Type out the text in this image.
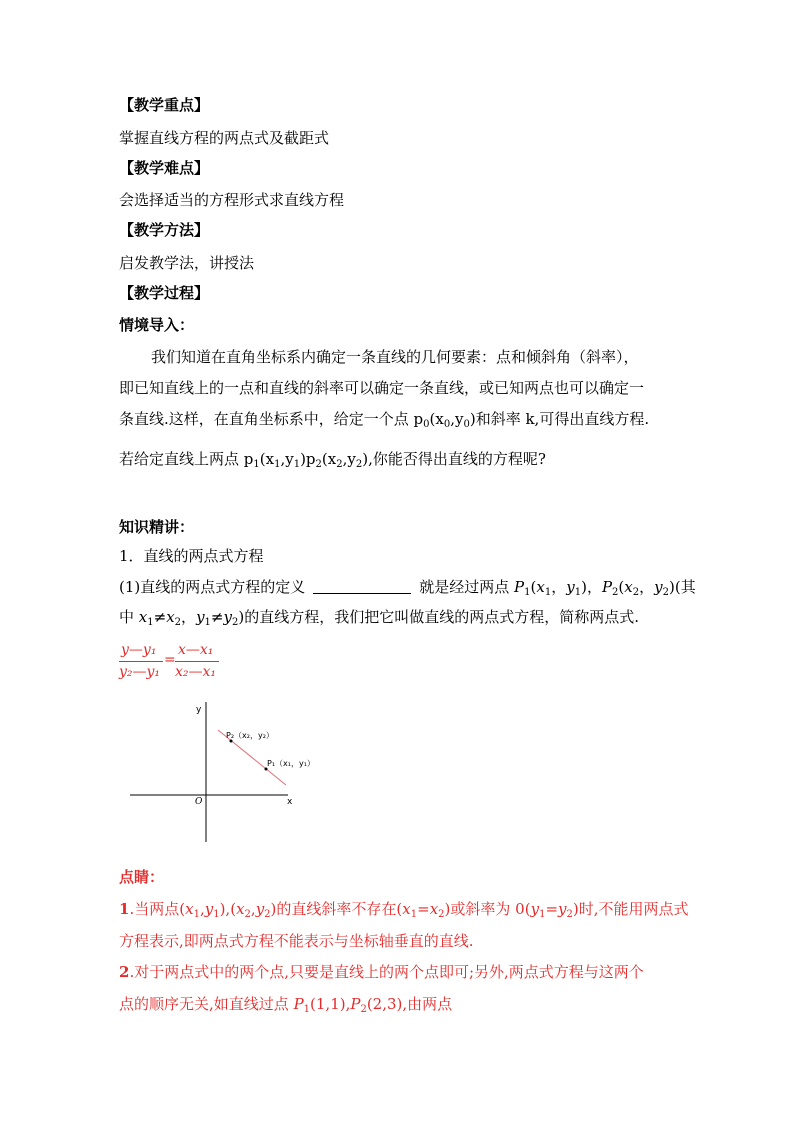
【教学重点】
掌握直线方程的两点式及截距式
【教学难点】
会选择适当的方程形式求直线方程
【教学方法】
启发教学法，讲授法
【教学过程】
情境导入：
我们知道在直角坐标系内确定一条直线的几何要素：点和倾斜角（斜率），
即已知直线上的一点和直线的斜率可以确定一条直线，或已知两点也可以确定一
条直线.这样，在直角坐标系中，给定一个点 $p_0(x_0,y_0)$和斜率 k,可得出直线方程.
若给定直线上两点 $p_1(x_1,y_1)p_2(x_2,y_2)$,你能否得出直线的方程呢?
知识精讲：
1．直线的两点式方程
(1)直线的两点式方程的定义	就是经过两点 $P_1(x_1$，$y_1$)，$P_2(x_2$，$y_2$)(其
中 $x_1\ne x_2$，$y_1\ne y_2$)的直线方程，我们把它叫做直线的两点式方程，简称两点式.
y—y₁
y₂—y₁
=
x—x₁
x₂—x₁
y
x
O
P₂（x₂，y₂）
P₁（x₁，y₁）
点睛：
1.当两点$(x_1,y_1),(x_2,y_2)$的直线斜率不存在$(x_1=x_2)$或斜率为 $0(y_1=y_2)$时,不能用两点式
方程表示,即两点式方程不能表示与坐标轴垂直的直线.
2.对于两点式中的两个点,只要是直线上的两个点即可;另外,两点式方程与这两个
点的顺序无关,如直线过点 $P_1(1,1),P_2(2,3)$,由两点
